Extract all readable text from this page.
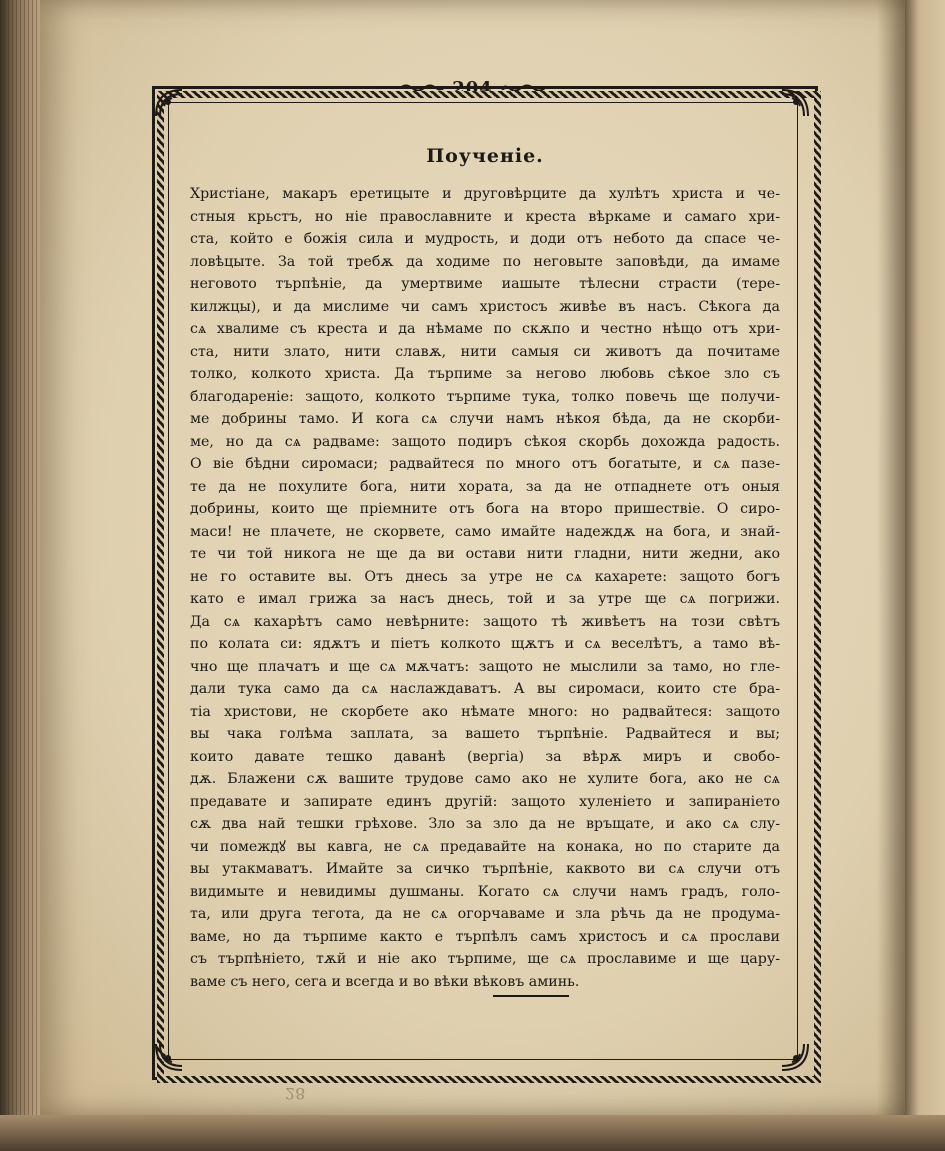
204
Поученіе.
Христіане, макаръ еретицыте и друговѣрците да хулѣтъ христа и че-
стныя крьстъ, но ніе православните и креста вѣркаме и самаго хри-
ста, който е божія сила и мудрость, и доди отъ небото да спасе че-
ловѣцыте. За той требѫ да ходиме по неговыте заповѣди, да имаме
неговото търпѣніе, да умертвиме иашыте тѣлесни страсти (тере-
килжцы), и да мислиме чи самъ христосъ живѣе въ насъ. Сѣкога да
сѧ хвалиме съ креста и да нѣмаме по скѫпо и честно нѣщо отъ хри-
ста, нити злато, нити славѫ, нити самыя си животъ да почитаме
толко, колкото христа. Да търпиме за негово любовь сѣкое зло съ
благодареніе: защото, колкото търпиме тука, толко повечь ще получи-
ме добрины тамо. И кога сѧ случи намъ нѣкоя бѣда, да не скорби-
ме, но да сѧ радваме: защото подиръ сѣкоя скорбь дохождa радость.
О віе бѣдни сиромаси; радвайтеся по много отъ богатыте, и сѧ пазе-
те да не похулите бога, нити хората, за да не отпаднете отъ оныя
добрины, които ще пріемните отъ бога на второ пришествіе. О сиро-
маси! не плачете, не скорвете, само имайте надеждѫ на бога, и знай-
те чи той никога не ще да ви остави нити гладни, нити жедни, ако
не го оставите вы. Отъ днесь за утре не сѧ кахарете: защото богъ
като е имал грижа за насъ днесь, той и за утре ще сѧ погрижи.
Да сѧ кахарѣтъ само невѣрните: защото тѣ живѣетъ на този свѣтъ
по колата си: ядѫтъ и піетъ колкото щѫтъ и сѧ веселѣтъ, а тамо вѣ-
чно ще плачатъ и ще сѧ мѫчатъ: защото не мыслили за тамо, но гле-
дали тука само да сѧ наслаждаватъ. А вы сиромаси, които сте бра-
тіа христови, не скорбете ако нѣмате много: но радвайтеся: защото
вы чака голѣма заплата, за вашето търпѣніе. Радвайтеся и вы;
които давате тешко даванѣ (вергіа) за вѣрѫ миръ и свобо-
дѫ. Блажени сѫ вашите трудове само ако не хулите бога, ако не сѧ
предавате и запирате единъ другій: защото хуленіето и запираніето
сѫ два най тешки грѣхове. Зло за зло да не връщате, и ако сѧ слу-
чи помеждꙋ вы кавга, не сѧ предавайте на конака, но по старите да
вы утакмаватъ. Имайте за сичко търпѣніе, каквото ви сѧ случи отъ
видимыте и невидимы душманы. Когато сѧ случи намъ градъ, голо-
та, или друга тегота, да не сѧ огорчаваме и зла рѣчь да не продума-
ваме, но да търпиме както е търпѣлъ самъ христосъ и сѧ прослави
съ търпѣніето, тѫй и ніе ако търпиме, ще сѧ прославиме и ще цару-
ваме съ него, сега и всегда и во вѣки вѣковъ аминь.
28
